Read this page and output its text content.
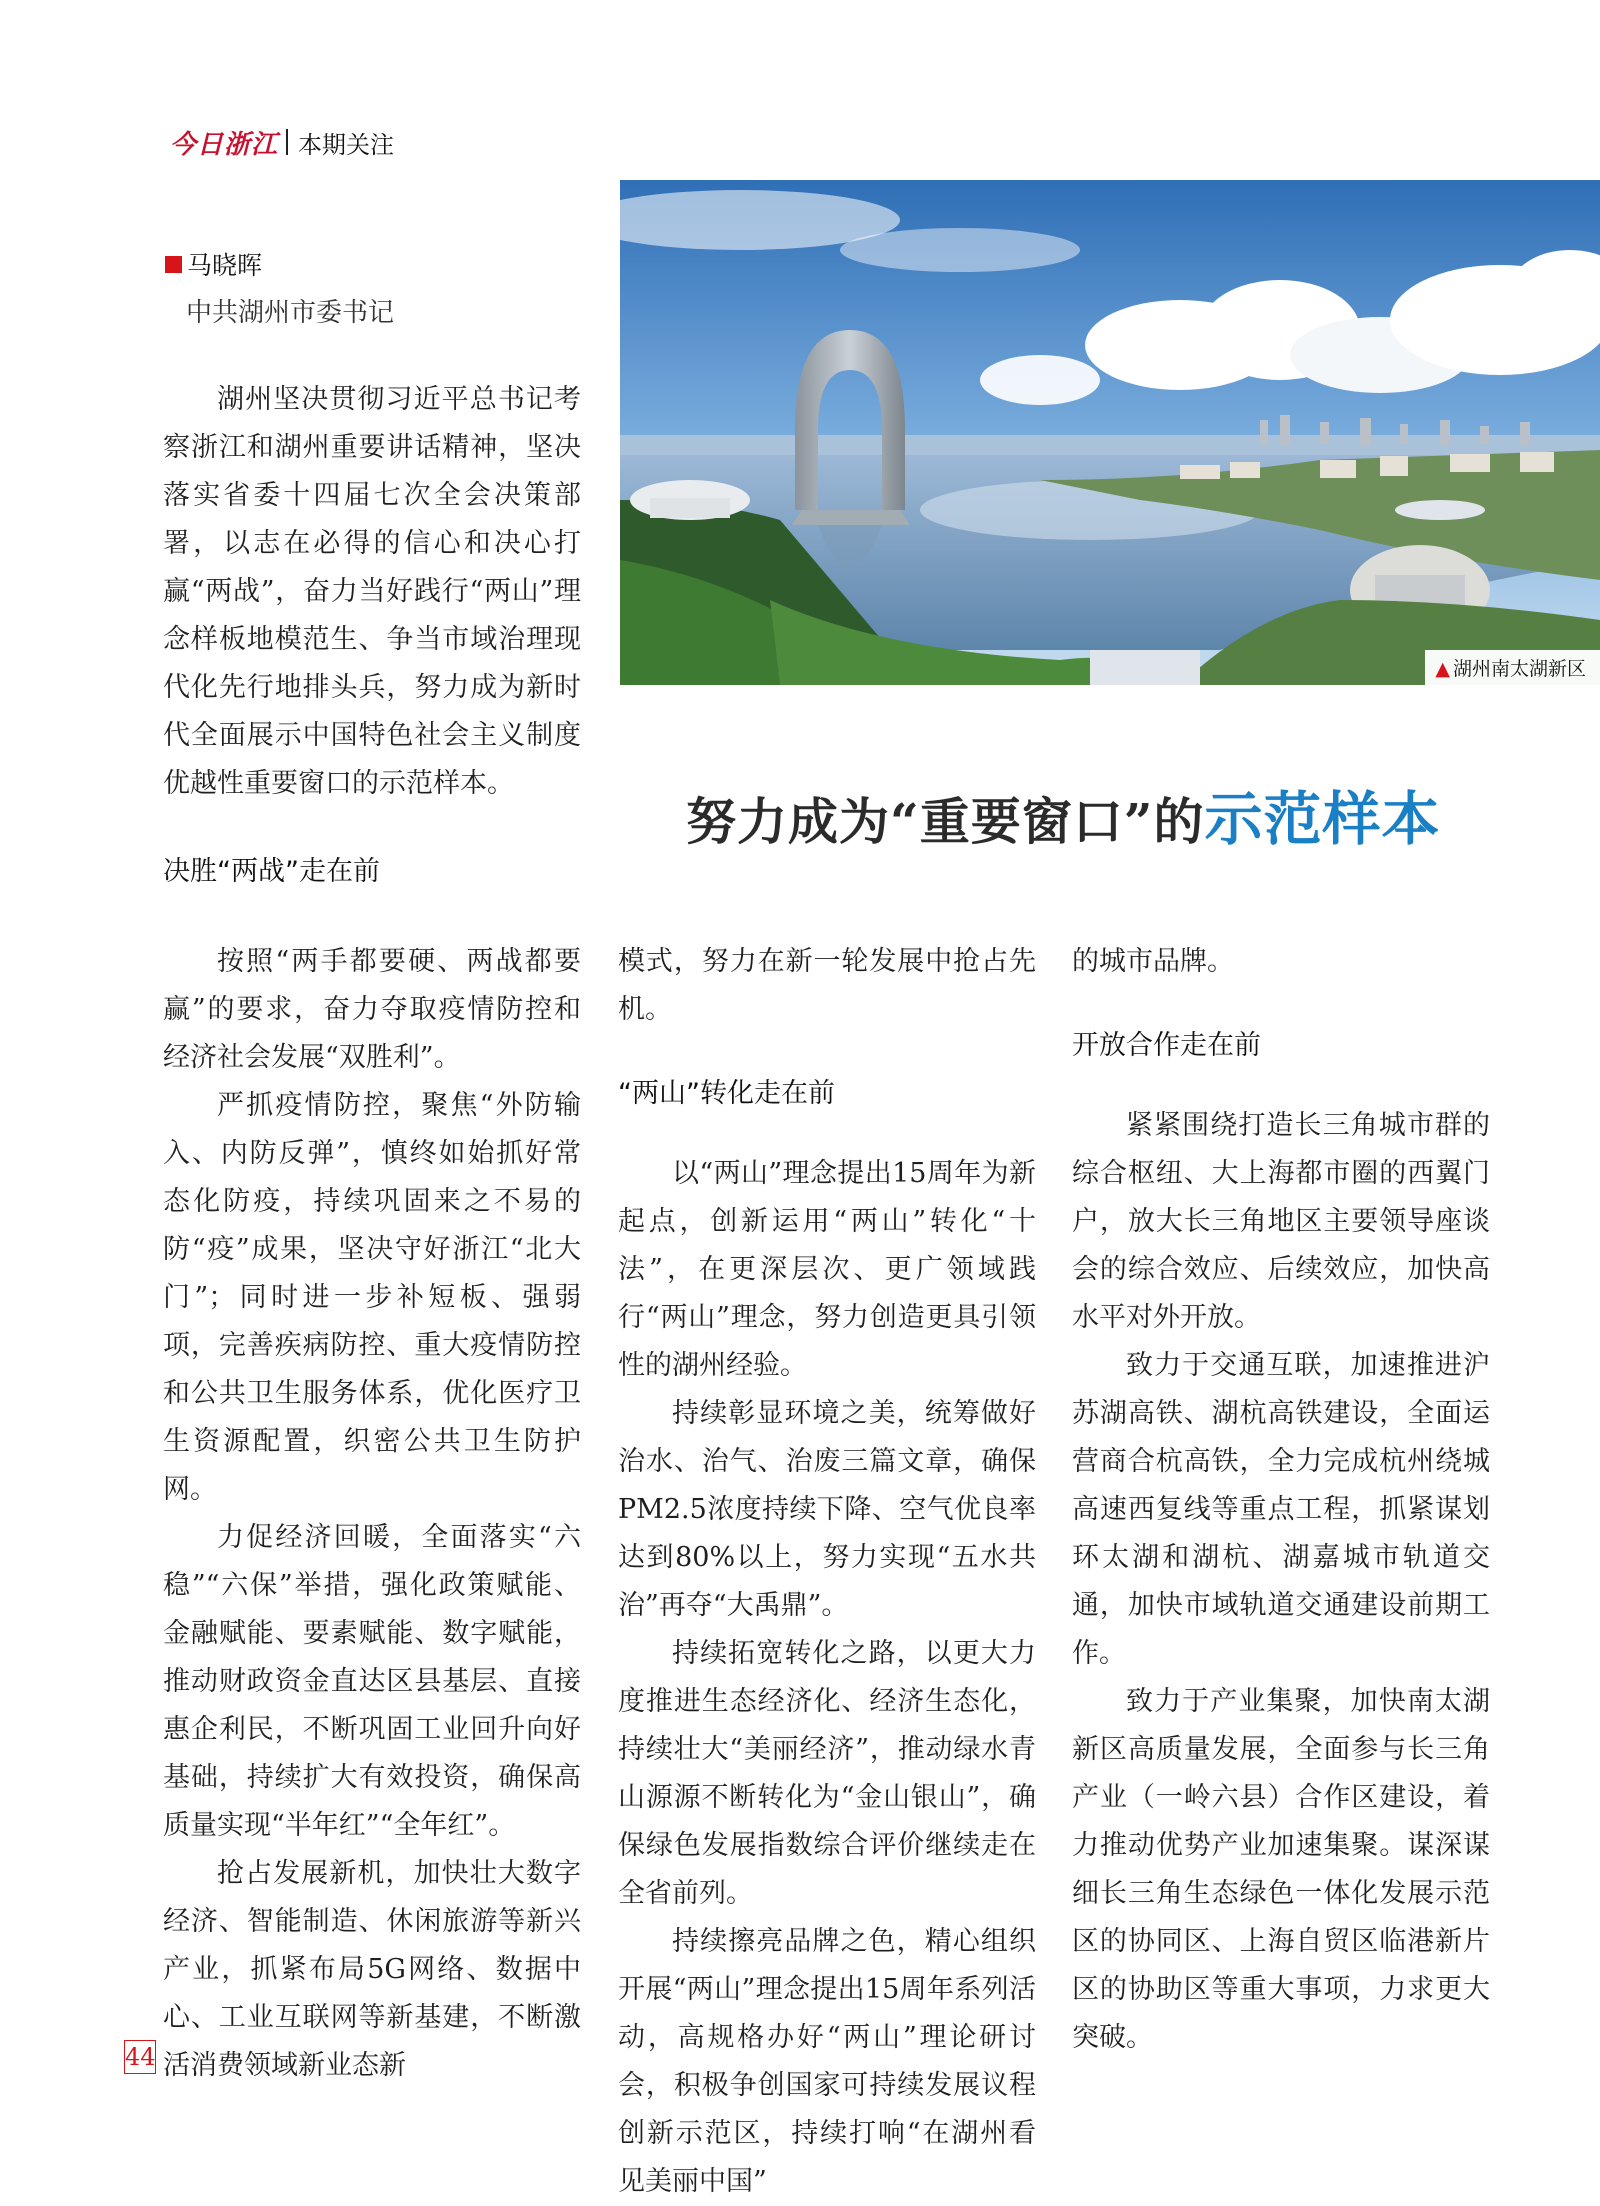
今日浙江 本期关注
马晓晖
中共湖州市委书记

湖州坚决贯彻习近平总书记考察浙江和湖州重要讲话精神，坚决落实省委十四届七次全会决策部署，以志在必得的信心和决心打赢“两战”，奋力当好践行“两山”理念样板地模范生、争当市域治理现代化先行地排头兵，努力成为新时代全面展示中国特色社会主义制度优越性重要窗口的示范样本。

▲ 湖州南太湖新区
努力成为“重要窗口”的示范样本
决胜“两战”走在前

按照“两手都要硬、两战都要赢”的要求，奋力夺取疫情防控和经济社会发展“双胜利”。

严抓疫情防控，聚焦“外防输入、内防反弹”，慎终如始抓好常态化防疫，持续巩固来之不易的防“疫”成果，坚决守好浙江“北大门”；同时进一步补短板、强弱项，完善疾病防控、重大疫情防控和公共卫生服务体系，优化医疗卫生资源配置，织密公共卫生防护网。

力促经济回暖，全面落实“六稳”“六保”举措，强化政策赋能、金融赋能、要素赋能、数字赋能，推动财政资金直达区县基层、直接惠企利民，不断巩固工业回升向好基础，持续扩大有效投资，确保高质量实现“半年红”“全年红”。

抢占发展新机，加快壮大数字经济、智能制造、休闲旅游等新兴产业，抓紧布局5G网络、数据中心、工业互联网等新基建，不断激活消费领域新业态新

模式，努力在新一轮发展中抢占先机。

“两山”转化走在前

以“两山”理念提出15周年为新起点，创新运用“两山”转化“十法”，在更深层次、更广领域践行“两山”理念，努力创造更具引领性的湖州经验。

持续彰显环境之美，统筹做好治水、治气、治废三篇文章，确保PM2.5浓度持续下降、空气优良率达到80%以上，努力实现“五水共治”再夺“大禹鼎”。

持续拓宽转化之路，以更大力度推进生态经济化、经济生态化，持续壮大“美丽经济”，推动绿水青山源源不断转化为“金山银山”，确保绿色发展指数综合评价继续走在全省前列。

持续擦亮品牌之色，精心组织开展“两山”理念提出15周年系列活动，高规格办好“两山”理论研讨会，积极争创国家可持续发展议程创新示范区，持续打响“在湖州看见美丽中国”

的城市品牌。

开放合作走在前

紧紧围绕打造长三角城市群的综合枢纽、大上海都市圈的西翼门户，放大长三角地区主要领导座谈会的综合效应、后续效应，加快高水平对外开放。

致力于交通互联，加速推进沪苏湖高铁、湖杭高铁建设，全面运营商合杭高铁，全力完成杭州绕城高速西复线等重点工程，抓紧谋划环太湖和湖杭、湖嘉城市轨道交通，加快市域轨道交通建设前期工作。

致力于产业集聚，加快南太湖新区高质量发展，全面参与长三角产业（一岭六县）合作区建设，着力推动优势产业加速集聚。谋深谋细长三角生态绿色一体化发展示范区的协同区、上海自贸区临港新片区的协助区等重大事项，力求更大突破。

44
